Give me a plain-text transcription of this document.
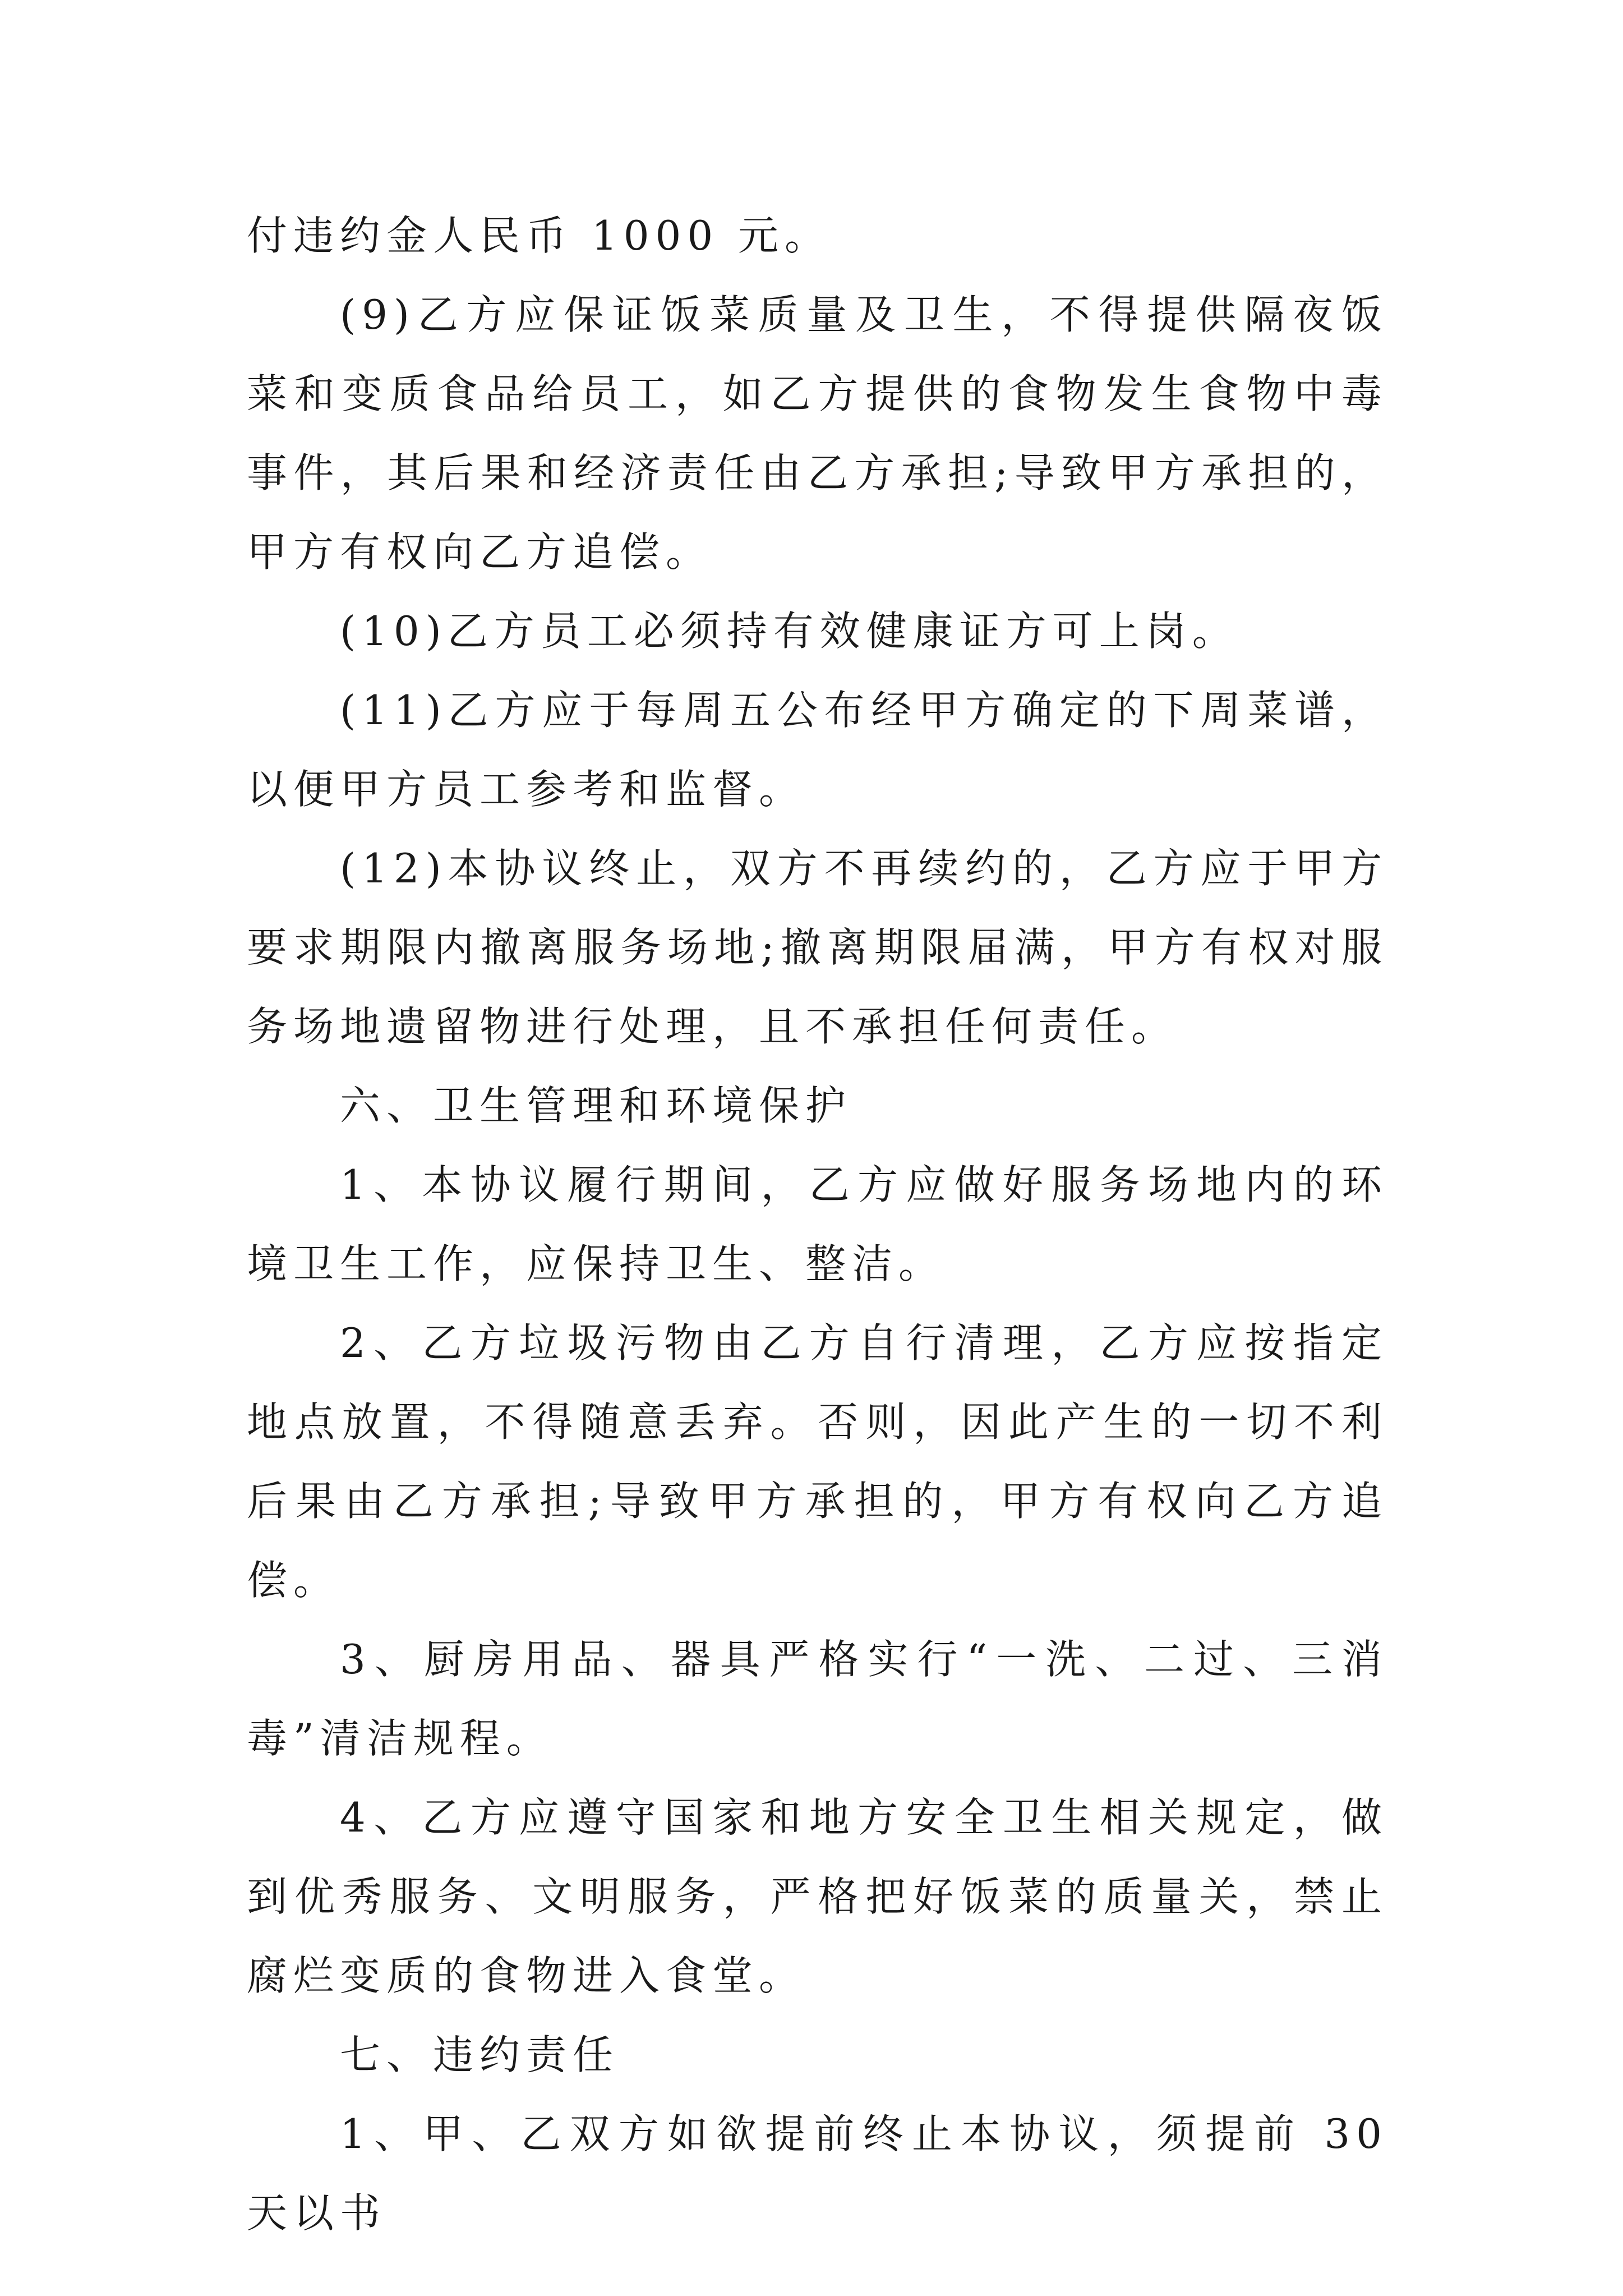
付违约金人民币 1000 元。

(9)乙方应保证饭菜质量及卫生，不得提供隔夜饭菜和变质食品给员工，如乙方提供的食物发生食物中毒事件，其后果和经济责任由乙方承担;导致甲方承担的，甲方有权向乙方追偿。

(10)乙方员工必须持有效健康证方可上岗。

(11)乙方应于每周五公布经甲方确定的下周菜谱，以便甲方员工参考和监督。

(12)本协议终止，双方不再续约的，乙方应于甲方要求期限内撤离服务场地;撤离期限届满，甲方有权对服务场地遗留物进行处理，且不承担任何责任。

六、卫生管理和环境保护

1、本协议履行期间，乙方应做好服务场地内的环境卫生工作，应保持卫生、整洁。

2、乙方垃圾污物由乙方自行清理，乙方应按指定地点放置，不得随意丢弃。否则，因此产生的一切不利后果由乙方承担;导致甲方承担的，甲方有权向乙方追偿。

3、厨房用品、器具严格实行“一洗、二过、三消毒”清洁规程。

4、乙方应遵守国家和地方安全卫生相关规定，做到优秀服务、文明服务，严格把好饭菜的质量关，禁止腐烂变质的食物进入食堂。

七、违约责任

1、甲、乙双方如欲提前终止本协议，须提前 30 天以书
